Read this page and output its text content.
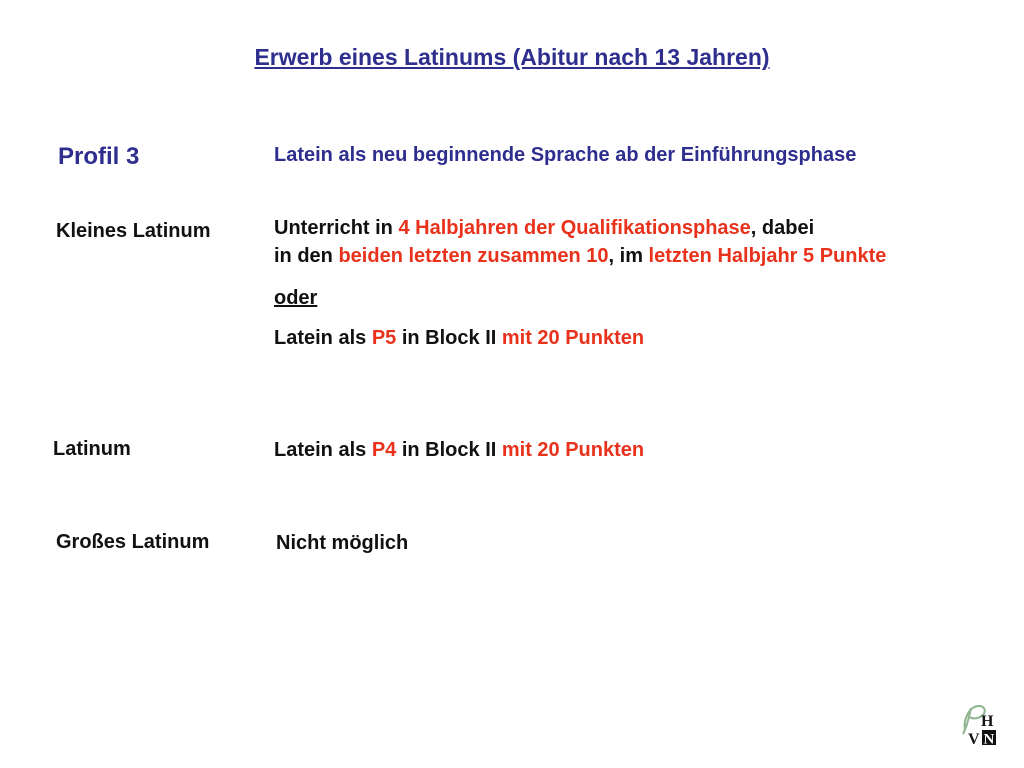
Erwerb eines Latinums (Abitur nach 13 Jahren)
Profil 3	Latein als neu beginnende Sprache ab der Einführungsphase
Kleines Latinum	Unterricht in 4 Halbjahren der Qualifikationsphase, dabei
in den beiden letzten zusammen 10, im letzten Halbjahr 5 Punkte
oder
Latein als P5 in Block II mit 20 Punkten
Latinum	Latein als P4 in Block II mit 20 Punkten
Großes Latinum	Nicht möglich
H
V N
